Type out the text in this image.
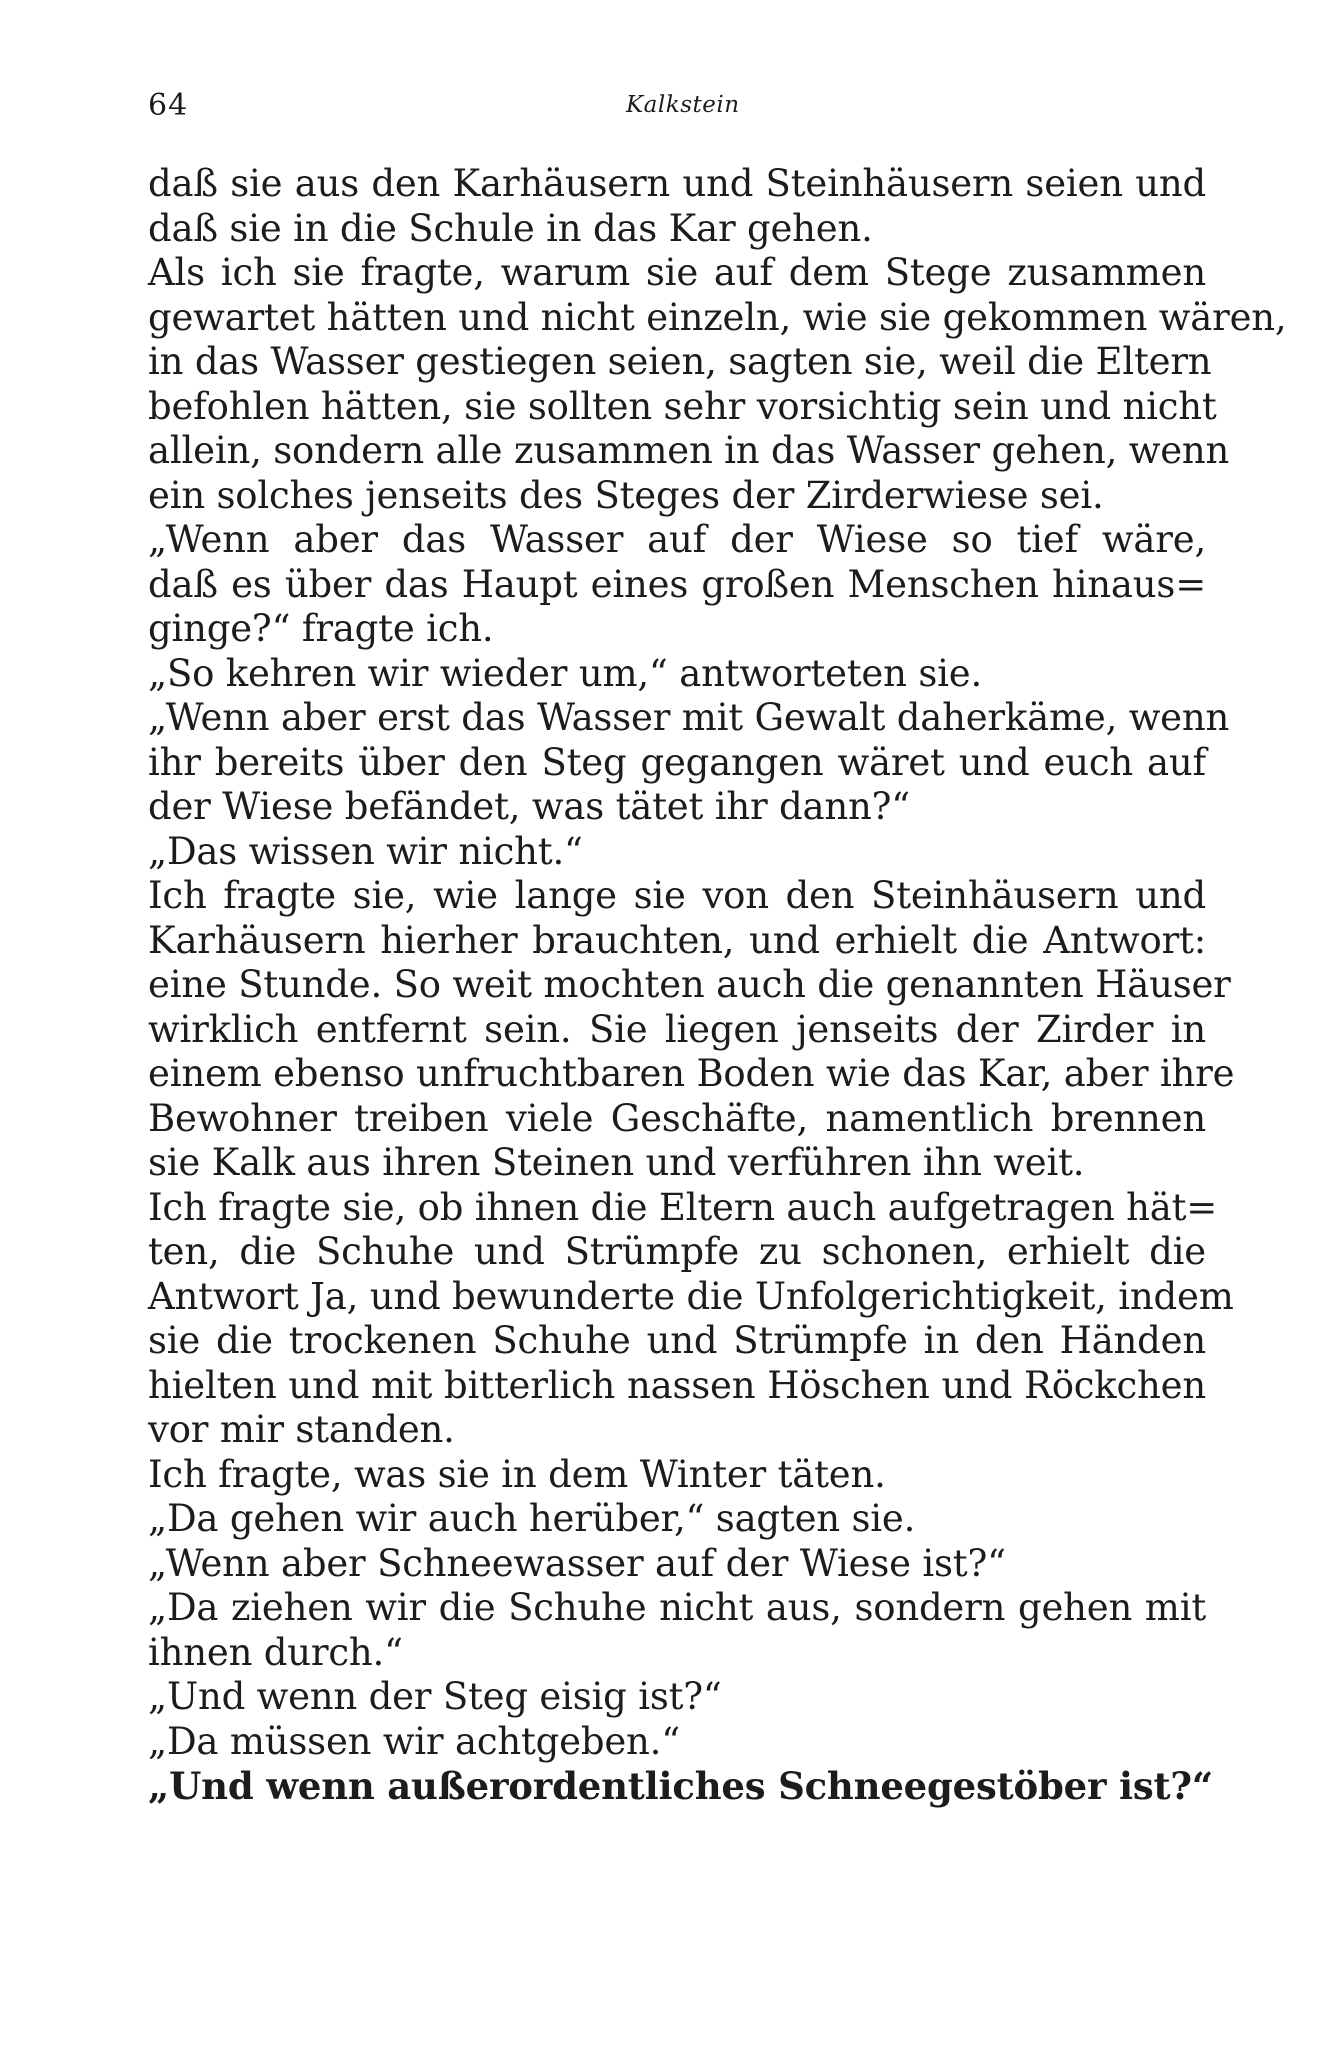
64	Kalkstein
daß sie aus den Karhäusern und Steinhäusern seien und
daß sie in die Schule in das Kar gehen.
Als ich sie fragte, warum sie auf dem Stege zusammen
gewartet hätten und nicht einzeln, wie sie gekommen wären,
in das Wasser gestiegen seien, sagten sie, weil die Eltern
befohlen hätten, sie sollten sehr vorsichtig sein und nicht
allein, sondern alle zusammen in das Wasser gehen, wenn
ein solches jenseits des Steges der Zirderwiese sei.
„Wenn aber das Wasser auf der Wiese so tief wäre,
daß es über das Haupt eines großen Menschen hinaus=
ginge?“ fragte ich.
„So kehren wir wieder um,“ antworteten sie.
„Wenn aber erst das Wasser mit Gewalt daherkäme, wenn
ihr bereits über den Steg gegangen wäret und euch auf
der Wiese befändet, was tätet ihr dann?“
„Das wissen wir nicht.“
Ich fragte sie, wie lange sie von den Steinhäusern und
Karhäusern hierher brauchten, und erhielt die Antwort:
eine Stunde. So weit mochten auch die genannten Häuser
wirklich entfernt sein. Sie liegen jenseits der Zirder in
einem ebenso unfruchtbaren Boden wie das Kar, aber ihre
Bewohner treiben viele Geschäfte, namentlich brennen
sie Kalk aus ihren Steinen und verführen ihn weit.
Ich fragte sie, ob ihnen die Eltern auch aufgetragen hät=
ten, die Schuhe und Strümpfe zu schonen, erhielt die
Antwort Ja, und bewunderte die Unfolgerichtigkeit, indem
sie die trockenen Schuhe und Strümpfe in den Händen
hielten und mit bitterlich nassen Höschen und Röckchen
vor mir standen.
Ich fragte, was sie in dem Winter täten.
„Da gehen wir auch herüber,“ sagten sie.
„Wenn aber Schneewasser auf der Wiese ist?“
„Da ziehen wir die Schuhe nicht aus, sondern gehen mit
ihnen durch.“
„Und wenn der Steg eisig ist?“
„Da müssen wir achtgeben.“
„Und wenn außerordentliches Schneegestöber ist?“
